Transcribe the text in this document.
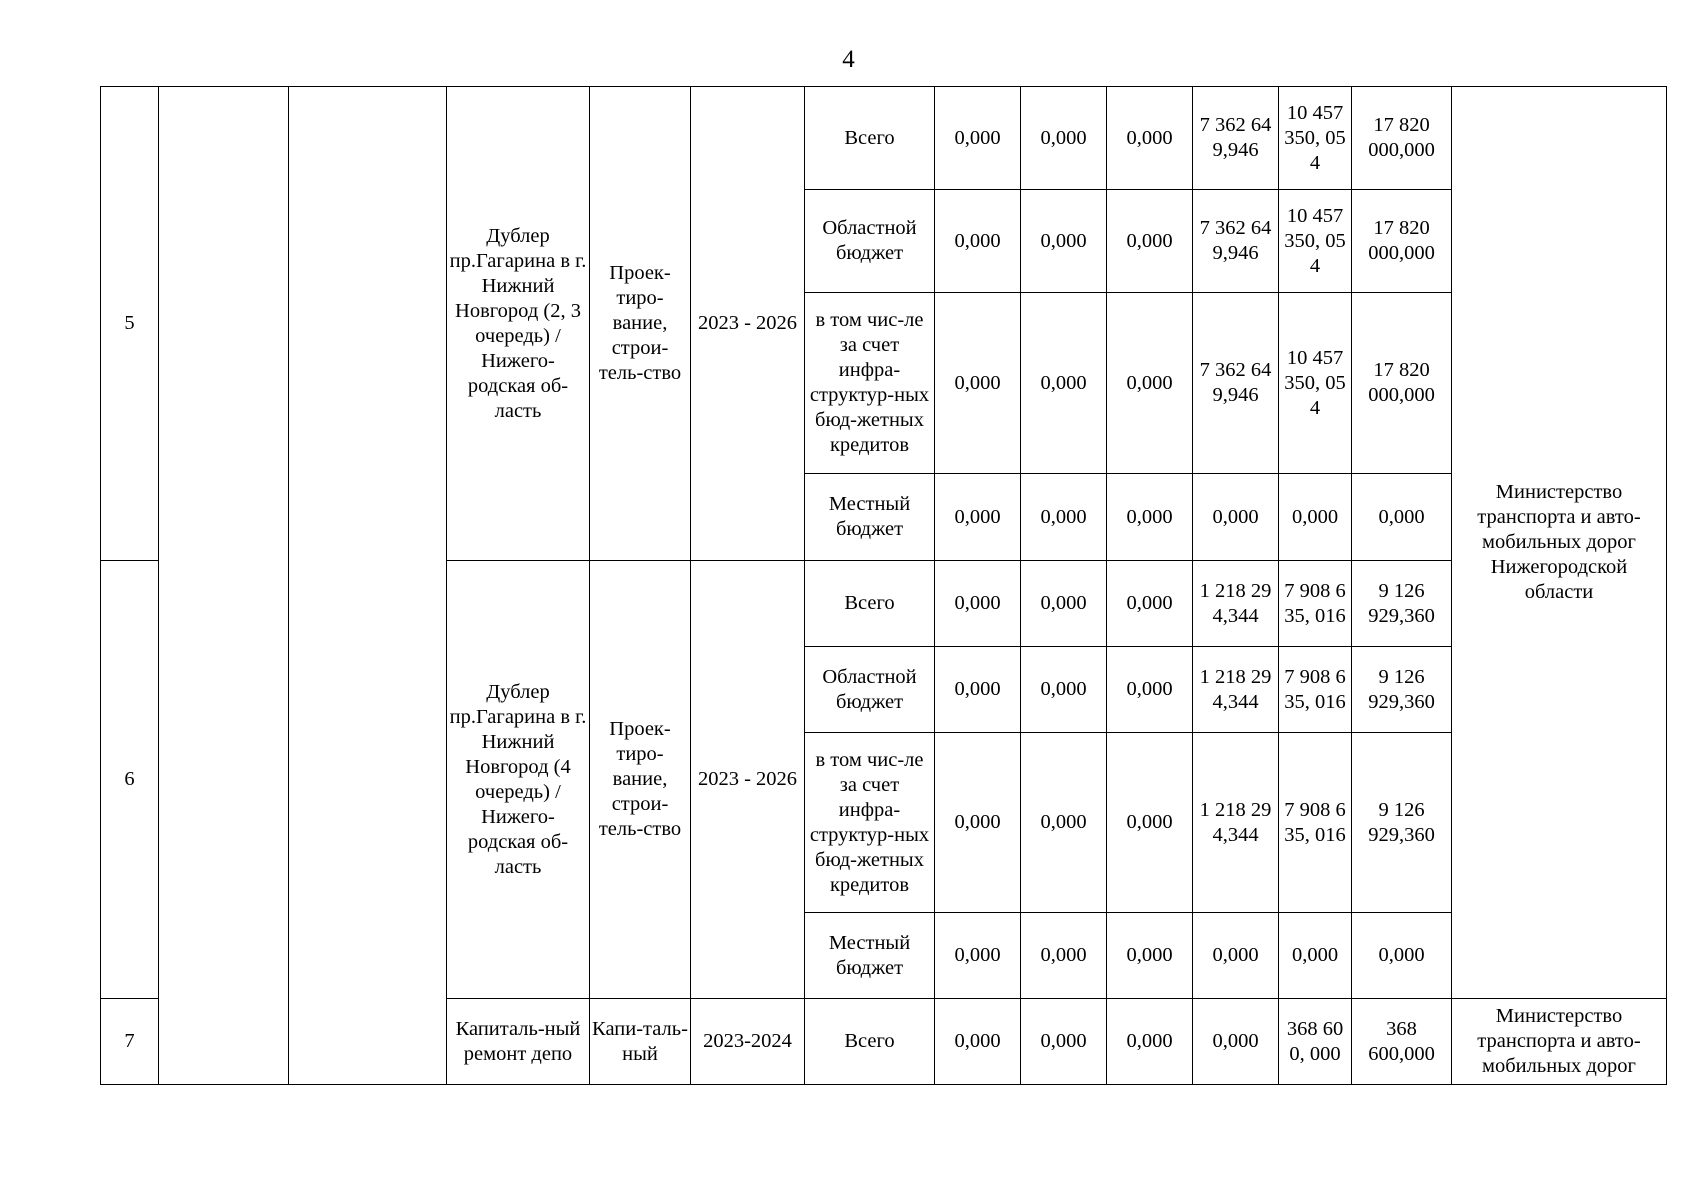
4
5			Дублер пр.Гагарина в г. Нижний Новгород (2, 3 очередь) / Нижего-родская об-ласть	Проек-тиро-вание, строи-тель-ство	2023 - 2026	Всего	0,000	0,000	0,000	7 362 649,946	10 457 350, 054	17 820 000,000	Министерство транспорта и авто-мобильных дорог Нижегородской области
						Областной бюджет	0,000	0,000	0,000	7 362 649,946	10 457 350, 054	17 820 000,000	
						в том чис-ле за счет инфра-структур-ных бюд-жетных кредитов	0,000	0,000	0,000	7 362 649,946	10 457 350, 054	17 820 000,000	
						Местный бюджет	0,000	0,000	0,000	0,000	0,000	0,000	
6			Дублер пр.Гагарина в г. Нижний Новгород (4 очередь) / Нижего-родская об-ласть	Проек-тиро-вание, строи-тель-ство	2023 - 2026	Всего	0,000	0,000	0,000	1 218 294,344	7 908 635, 016	9 126 929,360	
						Областной бюджет	0,000	0,000	0,000	1 218 294,344	7 908 635, 016	9 126 929,360	
						в том чис-ле за счет инфра-структур-ных бюд-жетных кредитов	0,000	0,000	0,000	1 218 294,344	7 908 635, 016	9 126 929,360	
						Местный бюджет	0,000	0,000	0,000	0,000	0,000	0,000	
7			Капиталь-ный ремонт депо	Капи-таль-ный	2023-2024	Всего	0,000	0,000	0,000	0,000	368 600, 000	368 600,000	Министерство транспорта и авто-мобильных дорог
